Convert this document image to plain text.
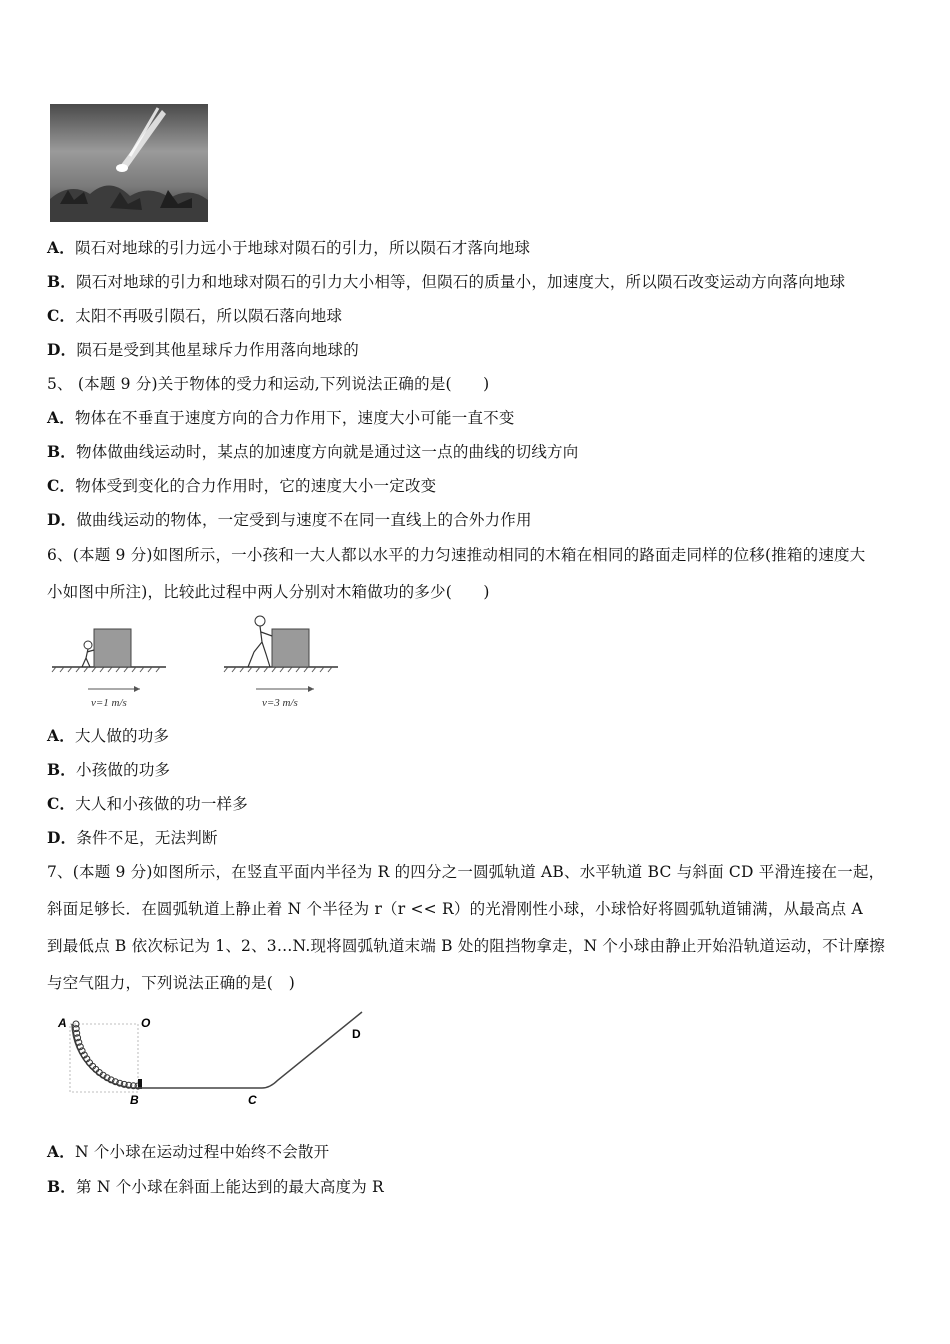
A．陨石对地球的引力远小于地球对陨石的引力，所以陨石才落向地球
B．陨石对地球的引力和地球对陨石的引力大小相等，但陨石的质量小，加速度大，所以陨石改变运动方向落向地球
C．太阳不再吸引陨石，所以陨石落向地球
D．陨石是受到其他星球斥力作用落向地球的
5、 (本题 9 分)关于物体的受力和运动,下列说法正确的是(　　)
A．物体在不垂直于速度方向的合力作用下，速度大小可能一直不变
B．物体做曲线运动时，某点的加速度方向就是通过这一点的曲线的切线方向
C．物体受到变化的合力作用时，它的速度大小一定改变
D．做曲线运动的物体，一定受到与速度不在同一直线上的合外力作用
6、(本题 9 分)如图所示，一小孩和一大人都以水平的力匀速推动相同的木箱在相同的路面走同样的位移(推箱的速度大
小如图中所注)，比较此过程中两人分别对木箱做功的多少(　　)
v=1 m/s	v=3 m/s
A．大人做的功多
B．小孩做的功多
C．大人和小孩做的功一样多
D．条件不足，无法判断
7、(本题 9 分)如图所示，在竖直平面内半径为 R 的四分之一圆弧轨道 AB、水平轨道 BC 与斜面 CD 平滑连接在一起，
斜面足够长．在圆弧轨道上静止着 N 个半径为 r（r << R）的光滑刚性小球，小球恰好将圆弧轨道铺满，从最高点 A
到最低点 B 依次标记为 1、2、3…N.现将圆弧轨道末端 B 处的阻挡物拿走，N 个小球由静止开始沿轨道运动，不计摩擦
与空气阻力，下列说法正确的是(　)
A	O
B	C
D
A．N 个小球在运动过程中始终不会散开
B．第 N 个小球在斜面上能达到的最大高度为 R
